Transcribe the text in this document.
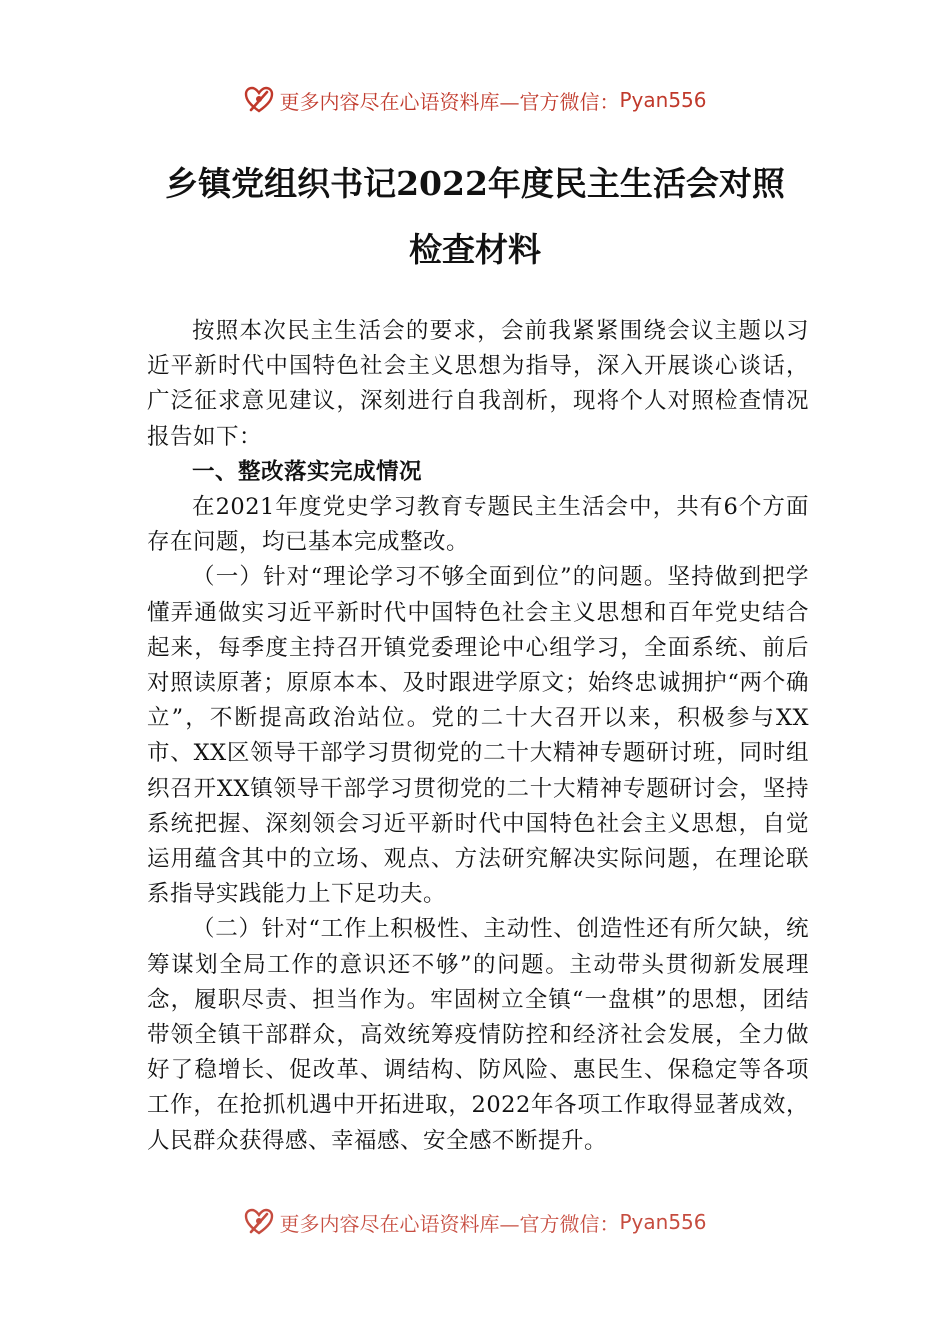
更多内容尽在心语资料库—官方微信： Pyan556
乡镇党组织书记2022年度民主生活会对照
检查材料

按照本次民主生活会的要求，会前我紧紧围绕会议主题以习近平新时代中国特色社会主义思想为指导，深入开展谈心谈话，广泛征求意见建议，深刻进行自我剖析，现将个人对照检查情况报告如下：

一、整改落实完成情况

在2021年度党史学习教育专题民主生活会中，共有6个方面存在问题，均已基本完成整改。

（一）针对“理论学习不够全面到位”的问题。坚持做到把学懂弄通做实习近平新时代中国特色社会主义思想和百年党史结合起来，每季度主持召开镇党委理论中心组学习，全面系统、前后对照读原著；原原本本、及时跟进学原文；始终忠诚拥护“两个确立”，不断提高政治站位。党的二十大召开以来，积极参与XX市、XX区领导干部学习贯彻党的二十大精神专题研讨班，同时组织召开XX镇领导干部学习贯彻党的二十大精神专题研讨会，坚持系统把握、深刻领会习近平新时代中国特色社会主义思想，自觉运用蕴含其中的立场、观点、方法研究解决实际问题，在理论联系指导实践能力上下足功夫。

（二）针对“工作上积极性、主动性、创造性还有所欠缺，统筹谋划全局工作的意识还不够”的问题。主动带头贯彻新发展理念，履职尽责、担当作为。牢固树立全镇“一盘棋”的思想，团结带领全镇干部群众，高效统筹疫情防控和经济社会发展，全力做好了稳增长、促改革、调结构、防风险、惠民生、保稳定等各项工作，在抢抓机遇中开拓进取，2022年各项工作取得显著成效，人民群众获得感、幸福感、安全感不断提升。

更多内容尽在心语资料库—官方微信： Pyan556
